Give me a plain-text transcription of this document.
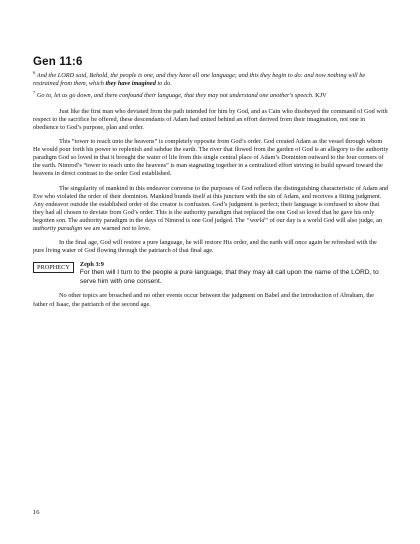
Gen 11:6

$^6$ And the LORD said, Behold, the people is one, and they have all one language; and this they begin to do: and now nothing will be restrained from them, which they have imagined to do.

$^7$ Go to, let us go down, and there confound their language, that they may not understand one another's speech. KJV

Just like the first man who deviated from the path intended for him by God, and as Cain who disobeyed the command of God with respect to the sacrifice he offered, these descendants of Adam had united behind an effort derived from their imagination, not one in obedience to God’s purpose, plan and order.

This “tower to reach unto the heavens” is completely opposite from God’s order. God created Adam as the vessel through whom He would pour forth his power to replenish and subdue the earth. The river that flowed from the garden of God is an allegory to the authority paradigm God so loved in that it brought the water of life from this single central place of Adam’s Dominion outward to the four corners of the earth. Nimrod’s “tower to reach unto the heavens” is man stagnating together in a centralized effort striving to build upward toward the heavens in direct contrast to the order God established.

The singularity of mankind in this endeavor converse to the purposes of God reflects the distinguishing characteristic of Adam and Eve who violated the order of their dominion. Mankind brands itself at this juncture with the sin of Adam, and receives a fitting judgment. Any endeavor outside the established order of the creator is confusion. God’s judgment is perfect; their language is confused to show that they had all chosen to deviate from God’s order. This is the authority paradigm that replaced the one God so loved that he gave his only begotten son. The authority paradigm in the days of Nimrod is one God judged. The “world” of our day is a world God will also judge, an authority paradigm we are warned not to love.

In the final age, God will restore a pure language, he will restore His order, and the earth will once again be refreshed with the pure living water of God flowing through the patriarch of that final age.

PROPHECY	Zeph 3:9
For then will I turn to the people a pure language, that they may all call upon the name of the LORD, to serve him with one consent.

No other topics are broached and no other events occur between the judgment on Babel and the introduction of Abraham, the father of Isaac, the patriarch of the second age.

16
